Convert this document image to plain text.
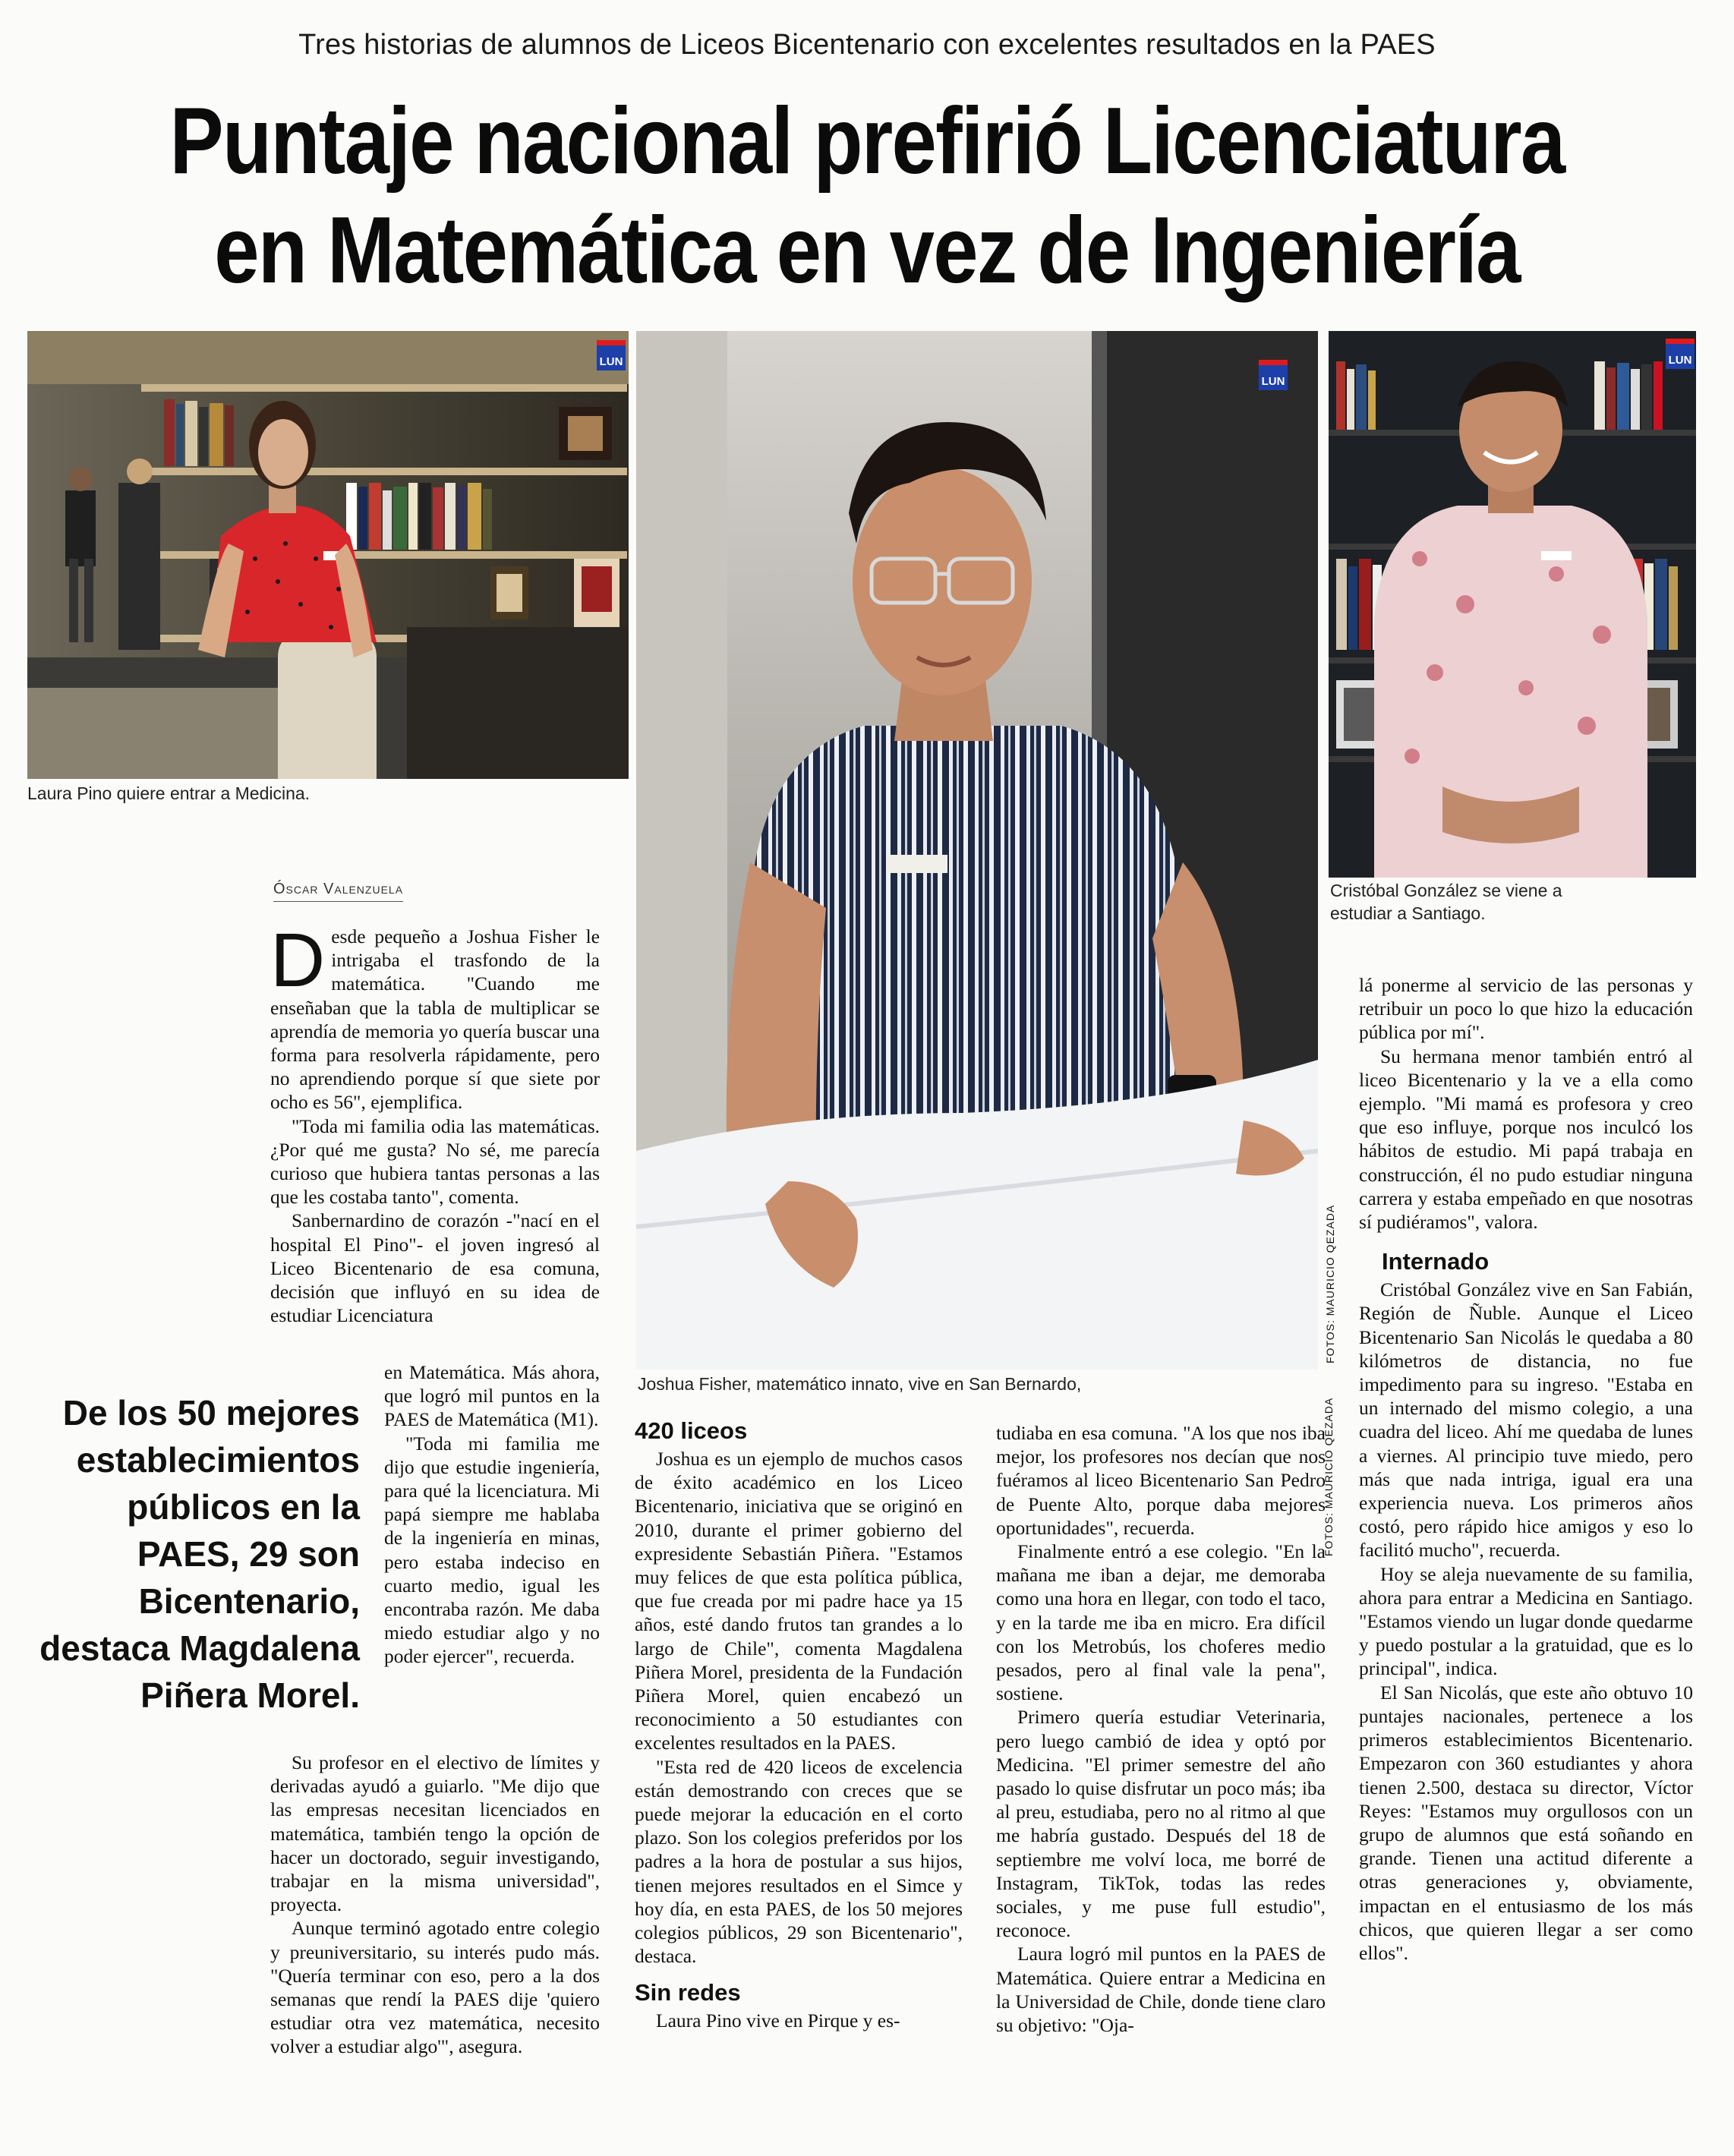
Tres historias de alumnos de Liceos Bicentenario con excelentes resultados en la PAES
Puntaje nacional prefirió Licenciatura
en Matemática en vez de Ingeniería
LUN
Laura Pino quiere entrar a Medicina.
LUN
FOTOS: MAURICIO QEZADA
Joshua Fisher, matemático innato, vive en San Bernardo,
FOTOS: MAURICIO QEZADA
LUN
Cristóbal González se viene a
estudiar a Santiago.
Óscar Valenzuela

Desde pequeño a Joshua Fisher le intrigaba el trasfondo de la matemática. "Cuando me enseñaban que la tabla de multiplicar se aprendía de memoria yo quería buscar una forma para resolverla rápidamente, pero no aprendiendo porque sí que siete por ocho es 56", ejemplifica.

"Toda mi familia odia las matemáticas. ¿Por qué me gusta? No sé, me parecía curioso que hubiera tantas personas a las que les costaba tanto", comenta.

Sanbernardino de corazón -"nací en el hospital El Pino"- el joven ingresó al Liceo Bicentenario de esa comuna, decisión que influyó en su idea de estudiar Licenciatura

De los 50 mejores establecimientos públicos en la PAES, 29 son Bicentenario, destaca Magdalena Piñera Morel.

en Matemática. Más ahora, que logró mil puntos en la PAES de Matemática (M1).

"Toda mi familia me dijo que estudie ingeniería, para qué la licenciatura. Mi papá siempre me hablaba de la ingeniería en minas, pero estaba indeciso en cuarto medio, igual les encontraba razón. Me daba miedo estudiar algo y no poder ejercer", recuerda.

Su profesor en el electivo de límites y derivadas ayudó a guiarlo. "Me dijo que las empresas necesitan licenciados en matemática, también tengo la opción de hacer un doctorado, seguir investigando, trabajar en la misma universidad", proyecta.

Aunque terminó agotado entre colegio y preuniversitario, su interés pudo más. "Quería terminar con eso, pero a la dos semanas que rendí la PAES dije 'quiero estudiar otra vez matemática, necesito volver a estudiar algo'", asegura.

420 liceos

Joshua es un ejemplo de muchos casos de éxito académico en los Liceo Bicentenario, iniciativa que se originó en 2010, durante el primer gobierno del expresidente Sebastián Piñera. "Estamos muy felices de que esta política pública, que fue creada por mi padre hace ya 15 años, esté dando frutos tan grandes a lo largo de Chile", comenta Magdalena Piñera Morel, presidenta de la Fundación Piñera Morel, quien encabezó un reconocimiento a 50 estudiantes con excelentes resultados en la PAES.

"Esta red de 420 liceos de excelencia están demostrando con creces que se puede mejorar la educación en el corto plazo. Son los colegios preferidos por los padres a la hora de postular a sus hijos, tienen mejores resultados en el Simce y hoy día, en esta PAES, de los 50 mejores colegios públicos, 29 son Bicentenario", destaca.

Sin redes

Laura Pino vive en Pirque y es-

tudiaba en esa comuna. "A los que nos iba mejor, los profesores nos decían que nos fuéramos al liceo Bicentenario San Pedro de Puente Alto, porque daba mejores oportunidades", recuerda.

Finalmente entró a ese colegio. "En la mañana me iban a dejar, me demoraba como una hora en llegar, con todo el taco, y en la tarde me iba en micro. Era difícil con los Metrobús, los choferes medio pesados, pero al final vale la pena", sostiene.

Primero quería estudiar Veterinaria, pero luego cambió de idea y optó por Medicina. "El primer semestre del año pasado lo quise disfrutar un poco más; iba al preu, estudiaba, pero no al ritmo al que me habría gustado. Después del 18 de septiembre me volví loca, me borré de Instagram, TikTok, todas las redes sociales, y me puse full estudio", reconoce.

Laura logró mil puntos en la PAES de Matemática. Quiere entrar a Medicina en la Universidad de Chile, donde tiene claro su objetivo: "Oja-

lá ponerme al servicio de las personas y retribuir un poco lo que hizo la educación pública por mí".

Su hermana menor también entró al liceo Bicentenario y la ve a ella como ejemplo. "Mi mamá es profesora y creo que eso influye, porque nos inculcó los hábitos de estudio. Mi papá trabaja en construcción, él no pudo estudiar ninguna carrera y estaba empeñado en que nosotras sí pudiéramos", valora.

Internado

Cristóbal González vive en San Fabián, Región de Ñuble. Aunque el Liceo Bicentenario San Nicolás le quedaba a 80 kilómetros de distancia, no fue impedimento para su ingreso. "Estaba en un internado del mismo colegio, a una cuadra del liceo. Ahí me quedaba de lunes a viernes. Al principio tuve miedo, pero más que nada intriga, igual era una experiencia nueva. Los primeros años costó, pero rápido hice amigos y eso lo facilitó mucho", recuerda.

Hoy se aleja nuevamente de su familia, ahora para entrar a Medicina en Santiago. "Estamos viendo un lugar donde quedarme y puedo postular a la gratuidad, que es lo principal", indica.

El San Nicolás, que este año obtuvo 10 puntajes nacionales, pertenece a los primeros establecimientos Bicentenario. Empezaron con 360 estudiantes y ahora tienen 2.500, destaca su director, Víctor Reyes: "Estamos muy orgullosos con un grupo de alumnos que está soñando en grande. Tienen una actitud diferente a otras generaciones y, obviamente, impactan en el entusiasmo de los más chicos, que quieren llegar a ser como ellos".
